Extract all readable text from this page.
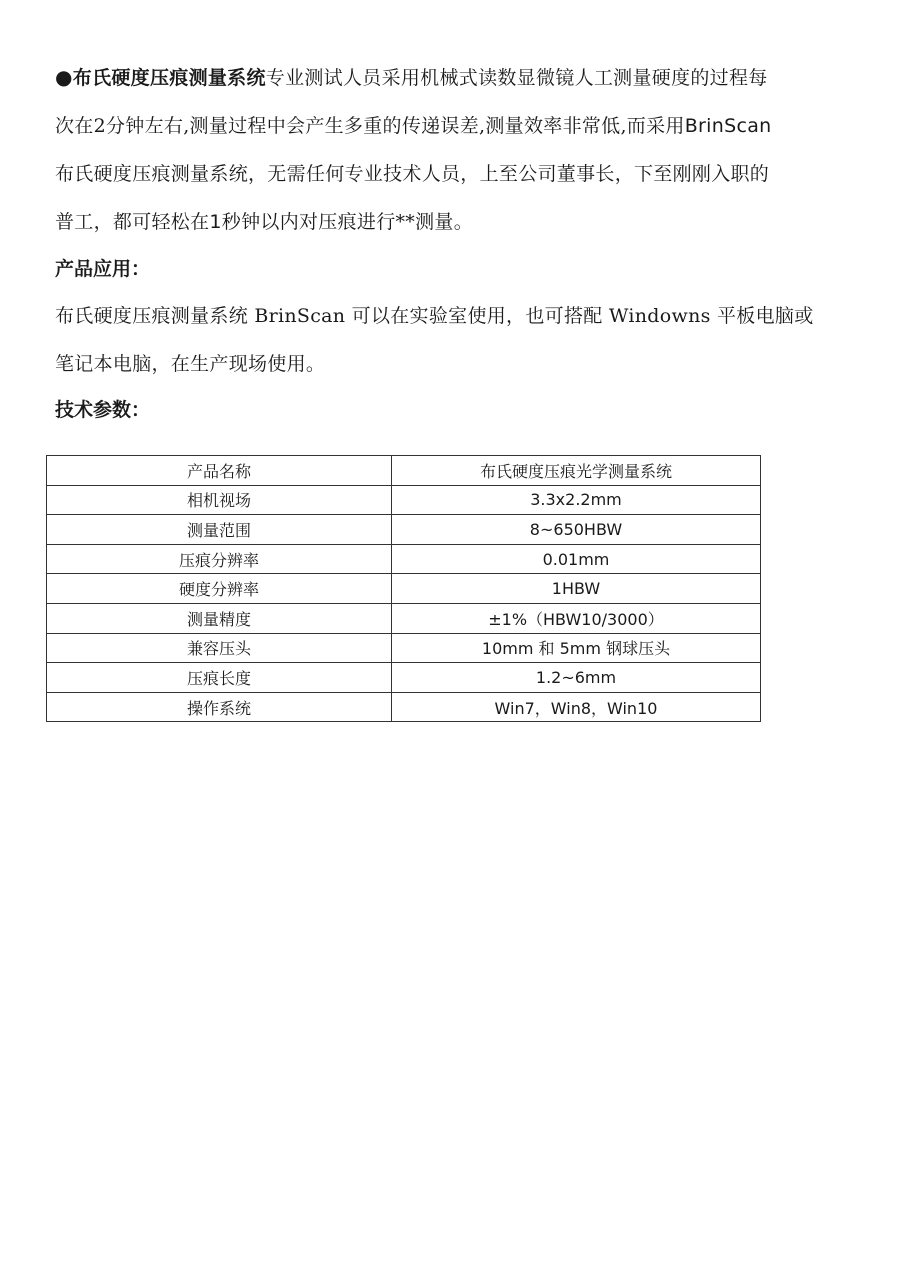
●布氏硬度压痕测量系统专业测试人员采用机械式读数显微镜人工测量硬度的过程每
次在2分钟左右,测量过程中会产生多重的传递误差,测量效率非常低,而采用BrinScan
布氏硬度压痕测量系统，无需任何专业技术人员，上至公司董事长，下至刚刚入职的
普工，都可轻松在1秒钟以内对压痕进行**测量。
产品应用：
布氏硬度压痕测量系统 BrinScan 可以在实验室使用，也可搭配 Windowns 平板电脑或
笔记本电脑，在生产现场使用。
技术参数：
产品名称	布氏硬度压痕光学测量系统
相机视场	3.3x2.2mm
测量范围	8~650HBW
压痕分辨率	0.01mm
硬度分辨率	1HBW
测量精度	±1%（HBW10/3000）
兼容压头	10mm 和 5mm 钢球压头
压痕长度	1.2~6mm
操作系统	Win7，Win8，Win10
